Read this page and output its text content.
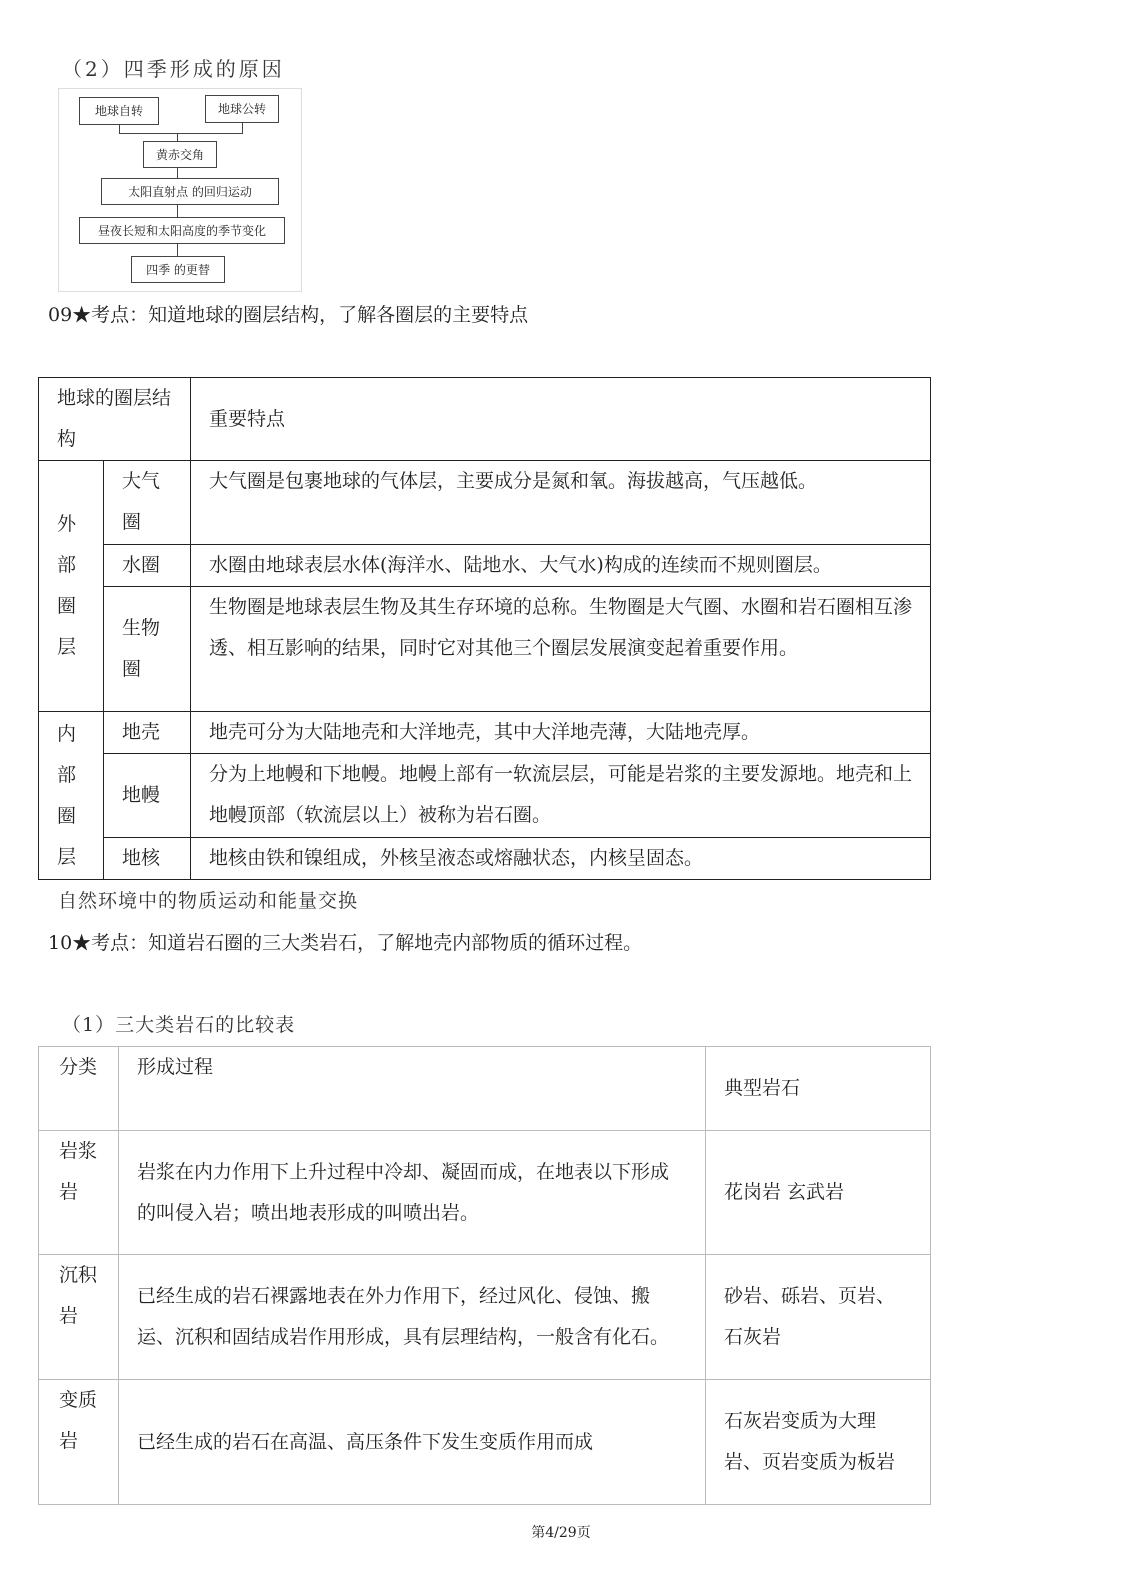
（2）四季形成的原因
地球自转	地球公转
黄赤交角
太阳直射点 的回归运动
昼夜长短和太阳高度的季节变化
四季 的更替
09★考点：知道地球的圈层结构，了解各圈层的主要特点
地球的圈层结构		重要特点
外部圈层	大气圈	大气圈是包裹地球的气体层，主要成分是氮和氧。海拔越高，气压越低。
	水圈	水圈由地球表层水体(海洋水、陆地水、大气水)构成的连续而不规则圈层。
	生物圈	生物圈是地球表层生物及其生存环境的总称。生物圈是大气圈、水圈和岩石圈相互渗透、相互影响的结果，同时它对其他三个圈层发展演变起着重要作用。
内部圈层	地壳	地壳可分为大陆地壳和大洋地壳，其中大洋地壳薄，大陆地壳厚。
	地幔	分为上地幔和下地幔。地幔上部有一软流层层，可能是岩浆的主要发源地。地壳和上地幔顶部（软流层以上）被称为岩石圈。
	地核	地核由铁和镍组成，外核呈液态或熔融状态，内核呈固态。
自然环境中的物质运动和能量交换
10★考点：知道岩石圈的三大类岩石，了解地壳内部物质的循环过程。
（1）三大类岩石的比较表
分类	形成过程	典型岩石
岩浆岩	岩浆在内力作用下上升过程中冷却、凝固而成，在地表以下形成的叫侵入岩；喷出地表形成的叫喷出岩。	花岗岩 玄武岩
沉积岩	已经生成的岩石裸露地表在外力作用下，经过风化、侵蚀、搬运、沉积和固结成岩作用形成，具有层理结构，一般含有化石。	砂岩、砾岩、页岩、石灰岩
变质岩	已经生成的岩石在高温、高压条件下发生变质作用而成	石灰岩变质为大理岩、页岩变质为板岩
第4/29页
